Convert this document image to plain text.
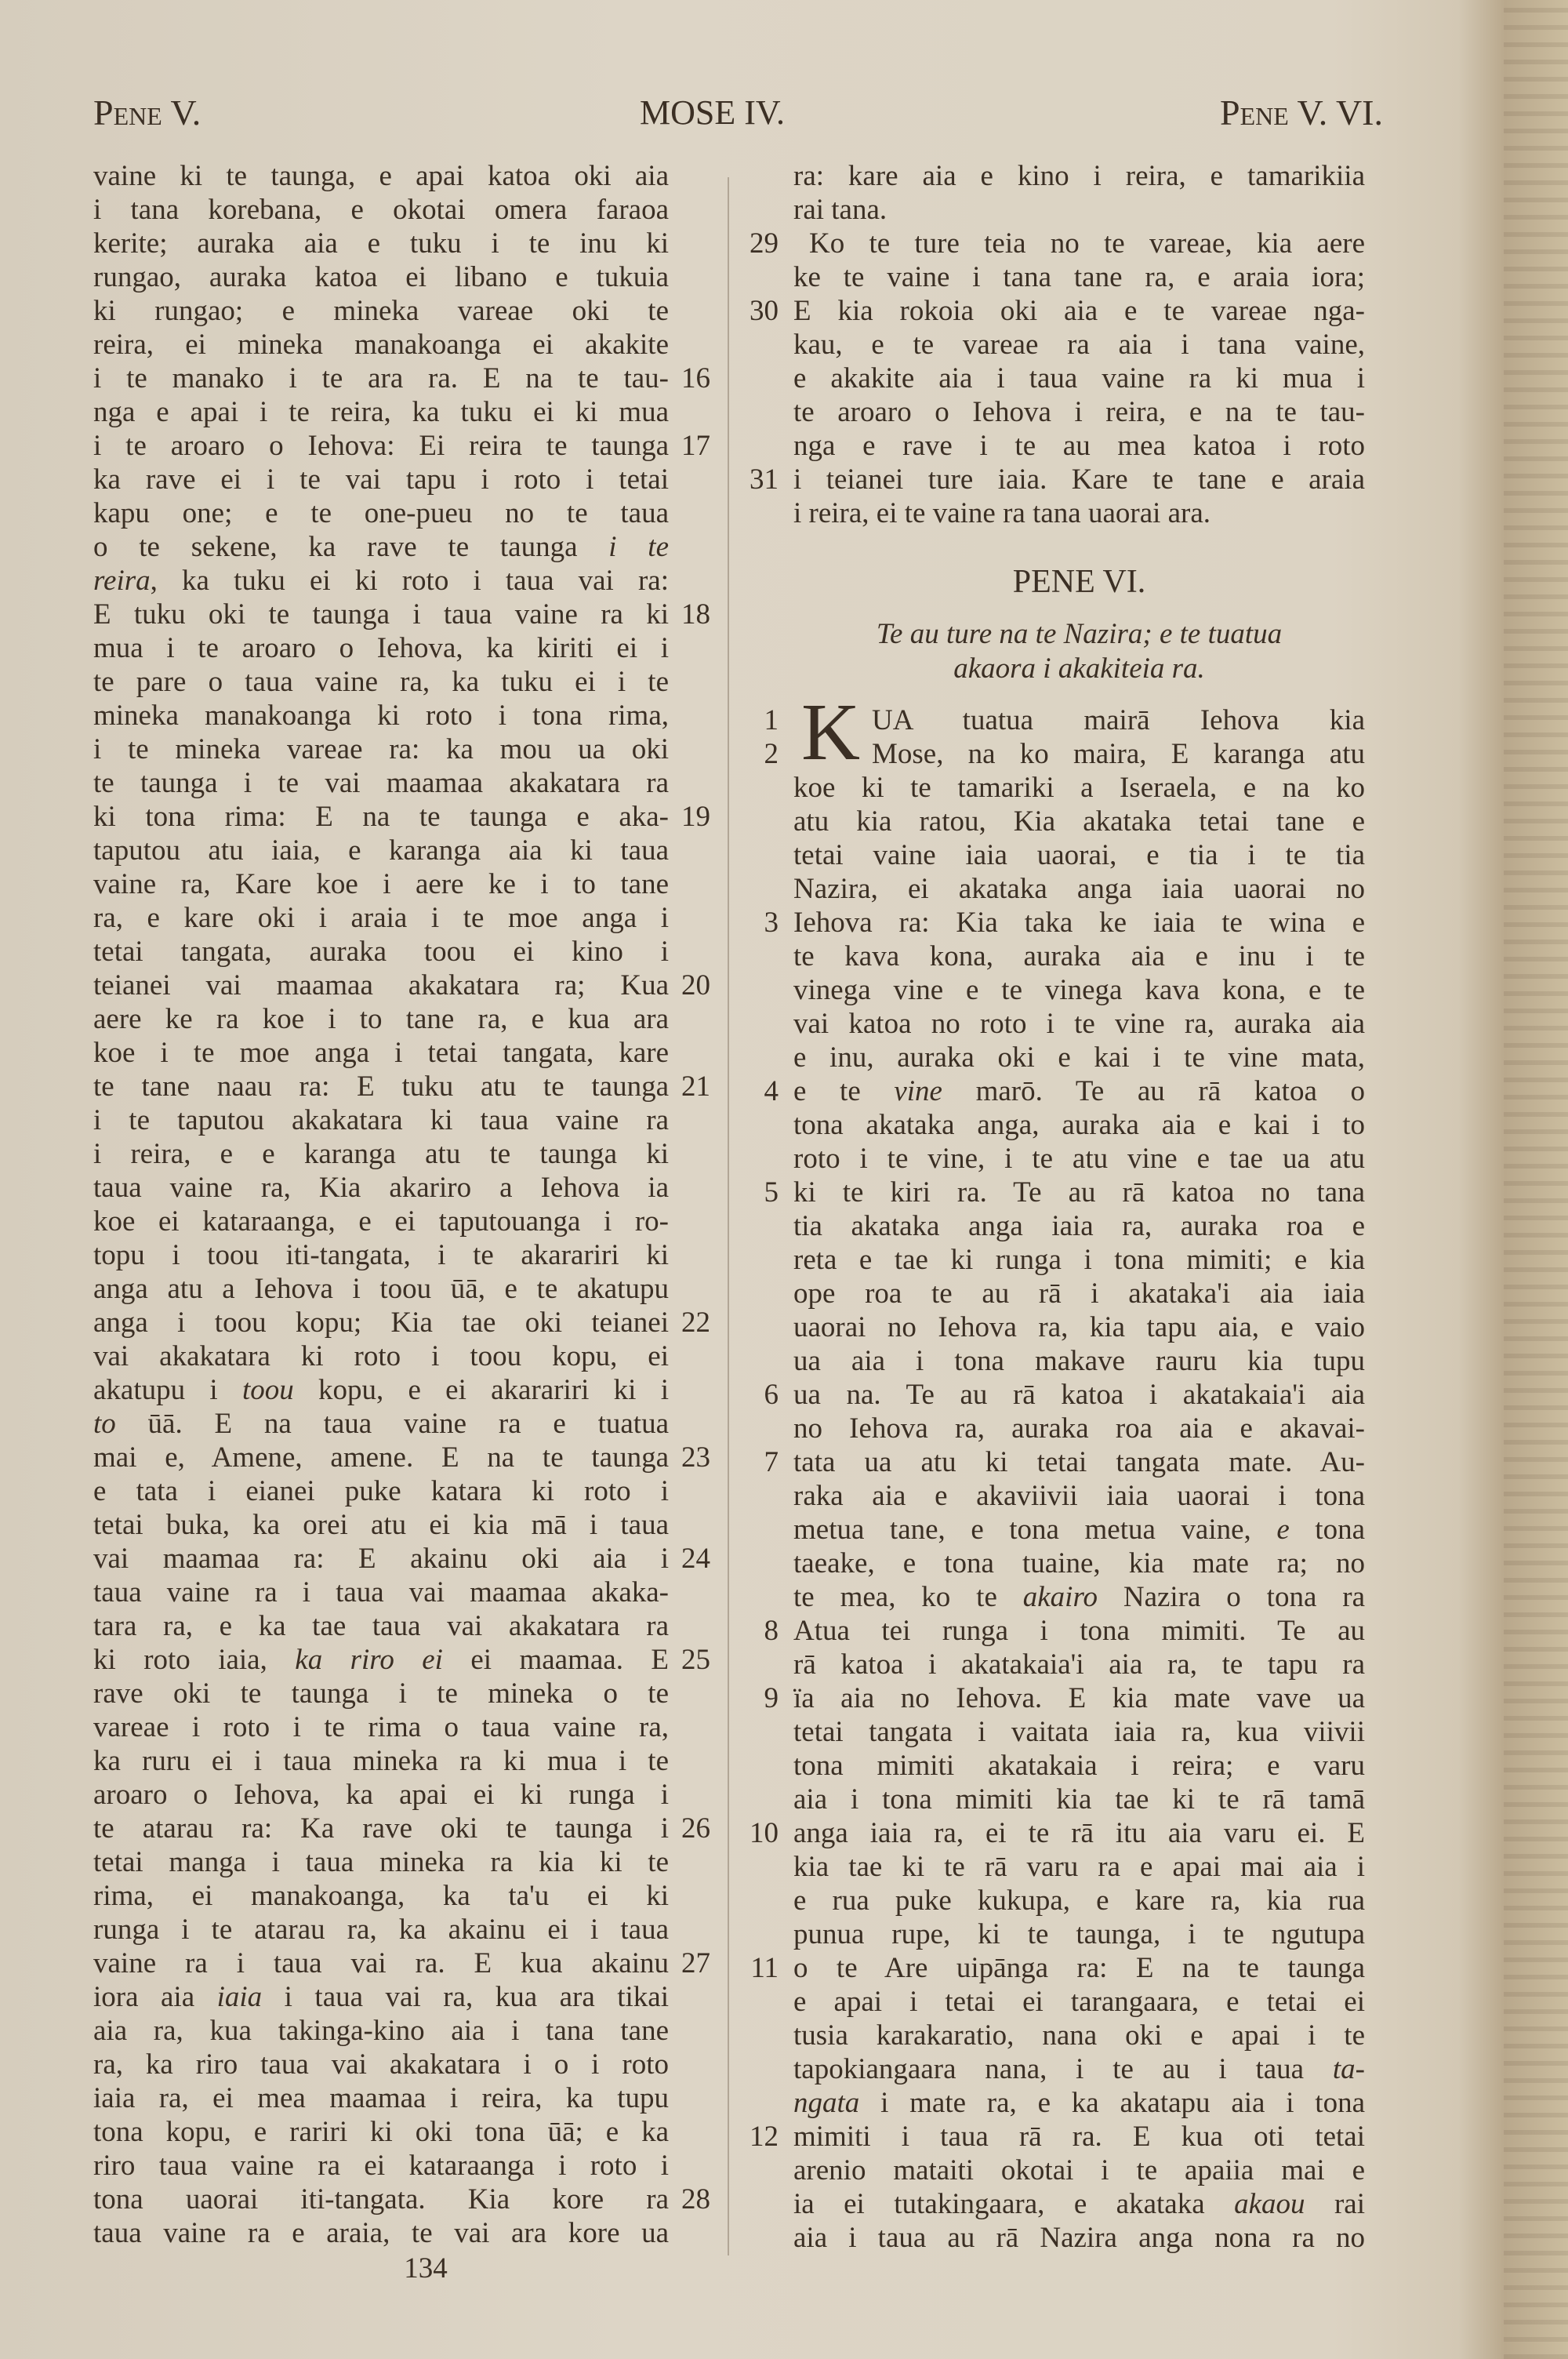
Pene V.	MOSE IV.	Pene V. VI.
vaine ki te taunga, e apai katoa oki aia
i tana korebana, e okotai omera faraoa
kerite; auraka aia e tuku i te inu ki
rungao, auraka katoa ei libano e tukuia
ki rungao; e mineka vareae oki te
reira, ei mineka manakoanga ei akakite
i te manako i te ara ra. E na te tau- 16
nga e apai i te reira, ka tuku ei ki mua
i te aroaro o Iehova: Ei reira te taunga 17
ka rave ei i te vai tapu i roto i tetai
kapu one; e te one-pueu no te taua
o te sekene, ka rave te taunga i te
reira, ka tuku ei ki roto i taua vai ra:
E tuku oki te taunga i taua vaine ra ki 18
mua i te aroaro o Iehova, ka kiriti ei i
te pare o taua vaine ra, ka tuku ei i te
mineka manakoanga ki roto i tona rima,
i te mineka vareae ra: ka mou ua oki
te taunga i te vai maamaa akakatara ra
ki tona rima: E na te taunga e aka- 19
taputou atu iaia, e karanga aia ki taua
vaine ra, Kare koe i aere ke i to tane
ra, e kare oki i araia i te moe anga i
tetai tangata, auraka toou ei kino i
teianei vai maamaa akakatara ra; Kua 20
aere ke ra koe i to tane ra, e kua ara
koe i te moe anga i tetai tangata, kare
te tane naau ra: E tuku atu te taunga 21
i te taputou akakatara ki taua vaine ra
i reira, e e karanga atu te taunga ki
taua vaine ra, Kia akariro a Iehova ia
koe ei kataraanga, e ei taputouanga i ro-
topu i toou iti-tangata, i te akarariri ki
anga atu a Iehova i toou ūā, e te akatupu
anga i toou kopu; Kia tae oki teianei 22
vai akakatara ki roto i toou kopu, ei
akatupu i toou kopu, e ei akarariri ki i
to ūā. E na taua vaine ra e tuatua
mai e, Amene, amene. E na te taunga 23
e tata i eianei puke katara ki roto i
tetai buka, ka orei atu ei kia mā i taua
vai maamaa ra: E akainu oki aia i 24
taua vaine ra i taua vai maamaa akaka-
tara ra, e ka tae taua vai akakatara ra
ki roto iaia, ka riro ei ei maamaa. E 25
rave oki te taunga i te mineka o te
vareae i roto i te rima o taua vaine ra,
ka ruru ei i taua mineka ra ki mua i te
aroaro o Iehova, ka apai ei ki runga i
te atarau ra: Ka rave oki te taunga i 26
tetai manga i taua mineka ra kia ki te
rima, ei manakoanga, ka ta'u ei ki
runga i te atarau ra, ka akainu ei i taua
vaine ra i taua vai ra. E kua akainu 27
iora aia iaia i taua vai ra, kua ara tikai
aia ra, kua takinga-kino aia i tana tane
ra, ka riro taua vai akakatara i o i roto
iaia ra, ei mea maamaa i reira, ka tupu
tona kopu, e rariri ki oki tona ūā; e ka
riro taua vaine ra ei kataraanga i roto i
tona uaorai iti-tangata. Kia kore ra 28
taua vaine ra e araia, te vai ara kore ua
ra: kare aia e kino i reira, e tamarikiia
rai tana.
Ko te ture teia no te vareae, kia aere
29
ke te vaine i tana tane ra, e araia iora;
E kia rokoia oki aia e te vareae nga-
30
kau, e te vareae ra aia i tana vaine,
e akakite aia i taua vaine ra ki mua i
te aroaro o Iehova i reira, e na te tau-
nga e rave i te au mea katoa i roto
i teianei ture iaia. Kare te tane e araia
31
i reira, ei te vaine ra tana uaorai ara.
PENE VI.
Te au ture na te Nazira; e te tuatua
akaora i akakiteia ra.
K UA tuatua mairā Iehova kia
1
Mose, na ko maira, E karanga atu
2
koe ki te tamariki a Iseraela, e na ko
atu kia ratou, Kia akataka tetai tane e
tetai vaine iaia uaorai, e tia i te tia
Nazira, ei akataka anga iaia uaorai no
Iehova ra: Kia taka ke iaia te wina e
3
te kava kona, auraka aia e inu i te
vinega vine e te vinega kava kona, e te
vai katoa no roto i te vine ra, auraka aia
e inu, auraka oki e kai i te vine mata,
e te vine marō. Te au rā katoa o
4
tona akataka anga, auraka aia e kai i to
roto i te vine, i te atu vine e tae ua atu
ki te kiri ra. Te au rā katoa no tana
5
tia akataka anga iaia ra, auraka roa e
reta e tae ki runga i tona mimiti; e kia
ope roa te au rā i akataka'i aia iaia
uaorai no Iehova ra, kia tapu aia, e vaio
ua aia i tona makave rauru kia tupu
ua na. Te au rā katoa i akatakaia'i aia
6
no Iehova ra, auraka roa aia e akavai-
tata ua atu ki tetai tangata mate. Au-
7
raka aia e akaviivii iaia uaorai i tona
metua tane, e tona metua vaine, e tona
taeake, e tona tuaine, kia mate ra; no
te mea, ko te akairo Nazira o tona ra
Atua tei runga i tona mimiti. Te au
8
rā katoa i akatakaia'i aia ra, te tapu ra
ïa aia no Iehova. E kia mate vave ua
9
tetai tangata i vaitata iaia ra, kua viivii
tona mimiti akatakaia i reira; e varu
aia i tona mimiti kia tae ki te rā tamā
anga iaia ra, ei te rā itu aia varu ei. E
10
kia tae ki te rā varu ra e apai mai aia i
e rua puke kukupa, e kare ra, kia rua
punua rupe, ki te taunga, i te ngutupa
o te Are uipānga ra: E na te taunga
11
e apai i tetai ei tarangaara, e tetai ei
tusia karakaratio, nana oki e apai i te
tapokiangaara nana, i te au i taua ta-
ngata i mate ra, e ka akatapu aia i tona
mimiti i taua rā ra. E kua oti tetai
12
arenio mataiti okotai i te apaiia mai e
ia ei tutakingaara, e akataka akaou rai
aia i taua au rā Nazira anga nona ra no
134
